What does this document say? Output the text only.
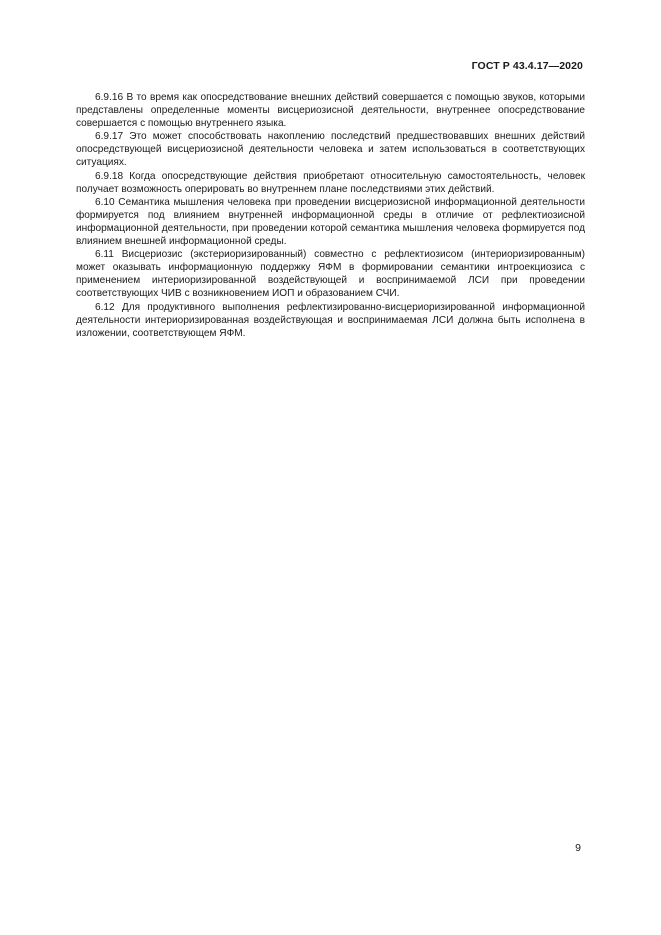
ГОСТ Р 43.4.17—2020

6.9.16 В то время как опосредствование внешних действий совершается с помощью звуков, которыми представлены определенные моменты висцериозисной деятельности, внутреннее опосредствование совершается с помощью внутреннего языка.

6.9.17 Это может способствовать накоплению последствий предшествовавших внешних действий опосредствующей висцериозисной деятельности человека и затем использоваться в соответствующих ситуациях.

6.9.18 Когда опосредствующие действия приобретают относительную самостоятельность, человек получает возможность оперировать во внутреннем плане последствиями этих действий.

6.10 Семантика мышления человека при проведении висцериозисной информационной деятельности формируется под влиянием внутренней информационной среды в отличие от рефлектиозисной информационной деятельности, при проведении которой семантика мышления человека формируется под влиянием внешней информационной среды.

6.11 Висцериозис (экстериоризированный) совместно с рефлектиозисом (интериоризированным) может оказывать информационную поддержку ЯФМ в формировании семантики интроекциозиса с применением интериоризированной воздействующей и воспринимаемой ЛСИ при проведении соответствующих ЧИВ с возникновением ИОП и образованием СЧИ.

6.12 Для продуктивного выполнения рефлектизированно-висцериоризированной информационной деятельности интериоризированная воздействующая и воспринимаемая ЛСИ должна быть исполнена в изложении, соответствующем ЯФМ.

9
